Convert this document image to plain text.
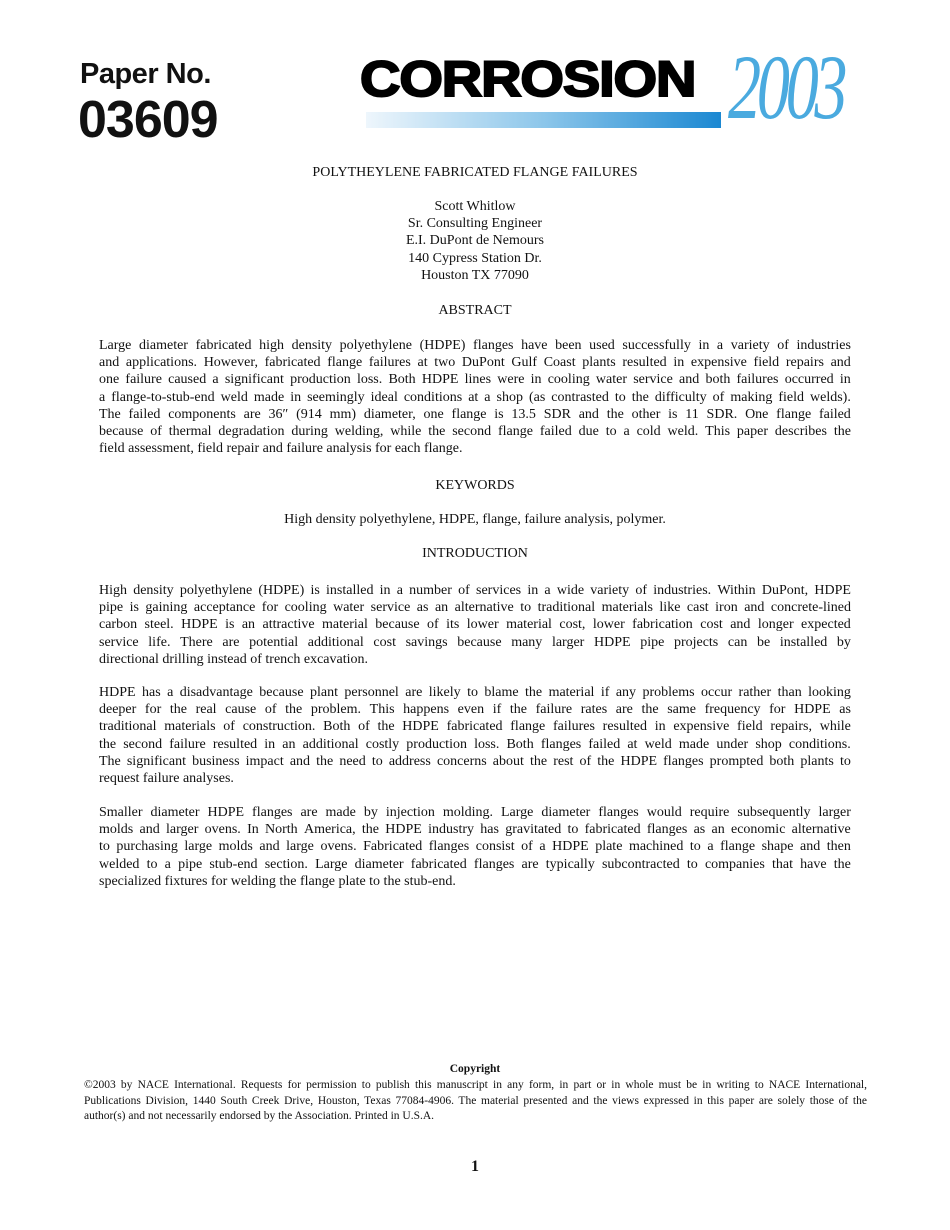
Paper No.
03609
CORROSION 2003
POLYTHEYLENE FABRICATED FLANGE FAILURES
Scott Whitlow
Sr. Consulting Engineer
E.I. DuPont de Nemours
140 Cypress Station Dr.
Houston TX 77090
ABSTRACT
Large diameter fabricated high density polyethylene (HDPE) flanges have been used successfully in a variety of industries
and applications. However, fabricated flange failures at two DuPont Gulf Coast plants resulted in expensive field repairs and
one failure caused a significant production loss. Both HDPE lines were in cooling water service and both failures occurred in
a flange-to-stub-end weld made in seemingly ideal conditions at a shop (as contrasted to the difficulty of making field welds).
The failed components are 36″ (914 mm) diameter, one flange is 13.5 SDR and the other is 11 SDR. One flange failed
because of thermal degradation during welding, while the second flange failed due to a cold weld. This paper describes the
field assessment, field repair and failure analysis for each flange.
KEYWORDS
High density polyethylene, HDPE, flange, failure analysis, polymer.
INTRODUCTION
High density polyethylene (HDPE) is installed in a number of services in a wide variety of industries. Within DuPont, HDPE
pipe is gaining acceptance for cooling water service as an alternative to traditional materials like cast iron and concrete-lined
carbon steel. HDPE is an attractive material because of its lower material cost, lower fabrication cost and longer expected
service life. There are potential additional cost savings because many larger HDPE pipe projects can be installed by
directional drilling instead of trench excavation.
HDPE has a disadvantage because plant personnel are likely to blame the material if any problems occur rather than looking
deeper for the real cause of the problem. This happens even if the failure rates are the same frequency for HDPE as
traditional materials of construction. Both of the HDPE fabricated flange failures resulted in expensive field repairs, while
the second failure resulted in an additional costly production loss. Both flanges failed at weld made under shop conditions.
The significant business impact and the need to address concerns about the rest of the HDPE flanges prompted both plants to
request failure analyses.
Smaller diameter HDPE flanges are made by injection molding. Large diameter flanges would require subsequently larger
molds and larger ovens. In North America, the HDPE industry has gravitated to fabricated flanges as an economic alternative
to purchasing large molds and large ovens. Fabricated flanges consist of a HDPE plate machined to a flange shape and then
welded to a pipe stub-end section. Large diameter fabricated flanges are typically subcontracted to companies that have the
specialized fixtures for welding the flange plate to the stub-end.
Copyright
©2003 by NACE International. Requests for permission to publish this manuscript in any form, in part or in whole must be in writing to NACE International, Publications Division, 1440 South Creek Drive, Houston, Texas 77084-4906. The material presented and the views expressed in this paper are solely those of the author(s) and not necessarily endorsed by the Association. Printed in U.S.A.
1
